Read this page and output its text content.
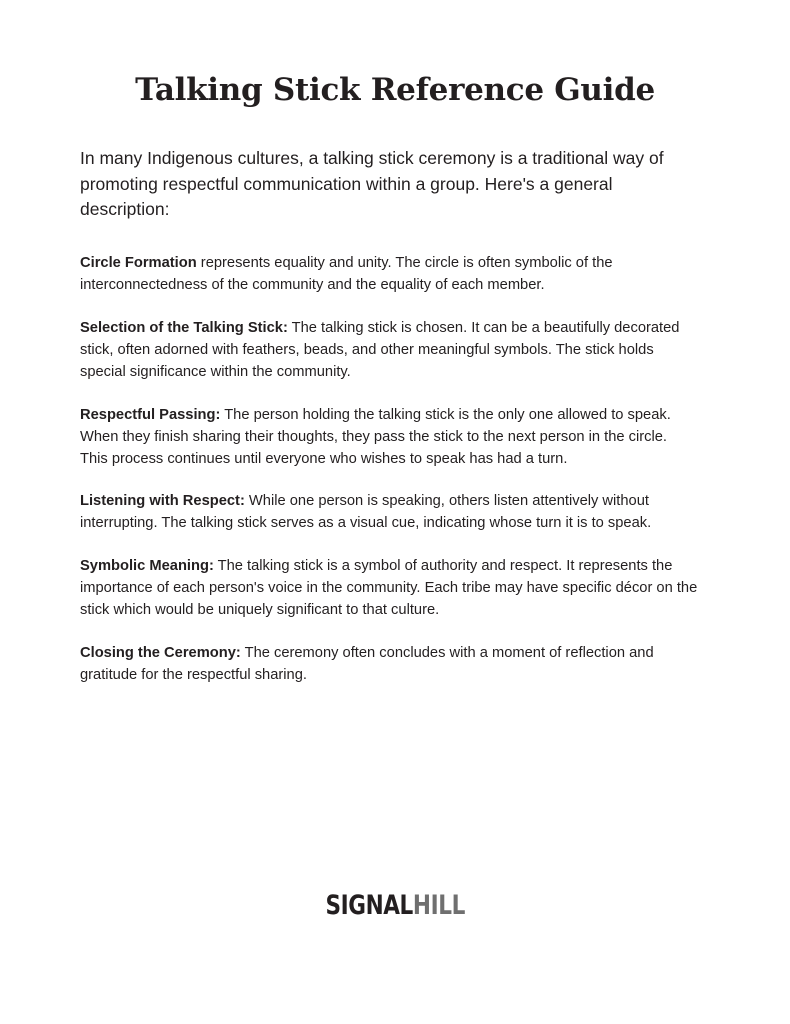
Talking Stick Reference Guide

In many Indigenous cultures, a talking stick ceremony is a traditional way of promoting respectful communication within a group. Here's a general description:

Circle Formation represents equality and unity. The circle is often symbolic of the interconnectedness of the community and the equality of each member.

Selection of the Talking Stick: The talking stick is chosen. It can be a beautifully decorated stick, often adorned with feathers, beads, and other meaningful symbols. The stick holds special significance within the community.

Respectful Passing: The person holding the talking stick is the only one allowed to speak. When they finish sharing their thoughts, they pass the stick to the next person in the circle. This process continues until everyone who wishes to speak has had a turn.

Listening with Respect: While one person is speaking, others listen attentively without interrupting. The talking stick serves as a visual cue, indicating whose turn it is to speak.

Symbolic Meaning: The talking stick is a symbol of authority and respect. It represents the importance of each person's voice in the community. Each tribe may have specific décor on the stick which would be uniquely significant to that culture.

Closing the Ceremony: The ceremony often concludes with a moment of reflection and gratitude for the respectful sharing.

SIGNALHILL
